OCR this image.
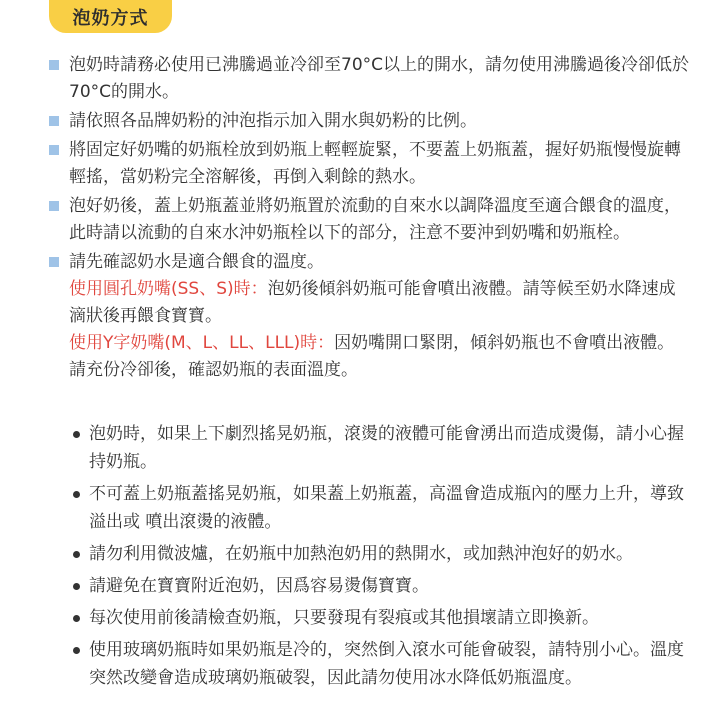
泡奶方式
泡奶時請務必使用已沸騰過並冷卻至70°C以上的開水，請勿使用沸騰過後冷卻低於70°C的開水。
請依照各品牌奶粉的沖泡指示加入開水與奶粉的比例。
將固定好奶嘴的奶瓶栓放到奶瓶上輕輕旋緊，不要蓋上奶瓶蓋，握好奶瓶慢慢旋轉輕搖，當奶粉完全溶解後，再倒入剩餘的熱水。
泡好奶後，蓋上奶瓶蓋並將奶瓶置於流動的自來水以調降溫度至適合餵食的溫度，此時請以流動的自來水沖奶瓶栓以下的部分，注意不要沖到奶嘴和奶瓶栓。
請先確認奶水是適合餵食的溫度。
使用圓孔奶嘴(SS、S)時：泡奶後傾斜奶瓶可能會噴出液體。請等候至奶水降速成滴狀後再餵食寶寶。
使用Y字奶嘴(M、L、LL、LLL)時：因奶嘴開口緊閉，傾斜奶瓶也不會噴出液體。請充份冷卻後，確認奶瓶的表面溫度。
泡奶時，如果上下劇烈搖晃奶瓶，滾燙的液體可能會湧出而造成燙傷，請小心握持奶瓶。
不可蓋上奶瓶蓋搖晃奶瓶，如果蓋上奶瓶蓋，高溫會造成瓶內的壓力上升，導致溢出或 噴出滾燙的液體。
請勿利用微波爐，在奶瓶中加熱泡奶用的熱開水，或加熱沖泡好的奶水。
請避免在寶寶附近泡奶，因爲容易燙傷寶寶。
每次使用前後請檢查奶瓶，只要發現有裂痕或其他損壞請立即換新。
使用玻璃奶瓶時如果奶瓶是冷的，突然倒入滾水可能會破裂，請特別小心。溫度突然改變會造成玻璃奶瓶破裂，因此請勿使用冰水降低奶瓶溫度。
